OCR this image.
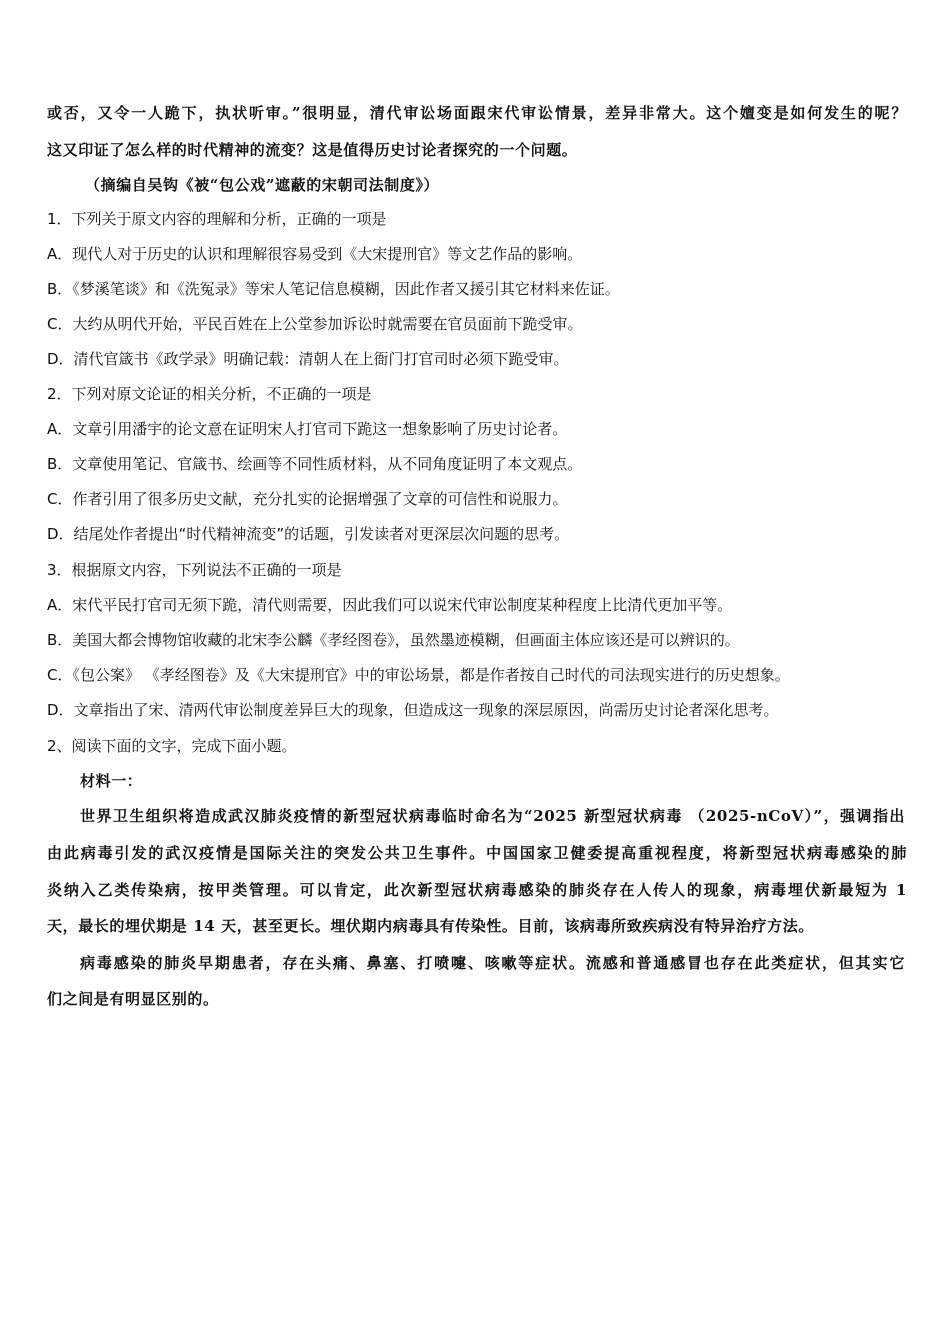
或否，又令一人跪下，执状听审。”很明显，清代审讼场面跟宋代审讼情景，差异非常大。这个嬗变是如何发生的呢？
这又印证了怎么样的时代精神的流变？这是值得历史讨论者探究的一个问题。
（摘编自吴钩《被“包公戏”遮蔽的宋朝司法制度》）
1．下列关于原文内容的理解和分析，正确的一项是
A．现代人对于历史的认识和理解很容易受到《大宋提刑官》等文艺作品的影响。
B．《梦溪笔谈》和《洗冤录》等宋人笔记信息模糊，因此作者又援引其它材料来佐证。
C．大约从明代开始，平民百姓在上公堂参加诉讼时就需要在官员面前下跪受审。
D．清代官箴书《政学录》明确记载：清朝人在上衙门打官司时必须下跪受审。
2．下列对原文论证的相关分析，不正确的一项是
A．文章引用潘宇的论文意在证明宋人打官司下跪这一想象影响了历史讨论者。
B．文章使用笔记、官箴书、绘画等不同性质材料，从不同角度证明了本文观点。
C．作者引用了很多历史文献，充分扎实的论据增强了文章的可信性和说服力。
D．结尾处作者提出“时代精神流变”的话题，引发读者对更深层次问题的思考。
3．根据原文内容，下列说法不正确的一项是
A．宋代平民打官司无须下跪，清代则需要，因此我们可以说宋代审讼制度某种程度上比清代更加平等。
B．美国大都会博物馆收藏的北宋李公麟《孝经图卷》，虽然墨迹模糊，但画面主体应该还是可以辨识的。
C．《包公案》 《孝经图卷》及《大宋提刑官》中的审讼场景，都是作者按自己时代的司法现实进行的历史想象。
D．文章指出了宋、清两代审讼制度差异巨大的现象，但造成这一现象的深层原因，尚需历史讨论者深化思考。
2、阅读下面的文字，完成下面小题。
材料一：
世界卫生组织将造成武汉肺炎疫情的新型冠状病毒临时命名为“2025 新型冠状病毒 （2025-nCoV）”，强调指出
由此病毒引发的武汉疫情是国际关注的突发公共卫生事件。中国国家卫健委提高重视程度，将新型冠状病毒感染的肺
炎纳入乙类传染病，按甲类管理。可以肯定，此次新型冠状病毒感染的肺炎存在人传人的现象，病毒埋伏新最短为 1
天，最长的埋伏期是 14 天，甚至更长。埋伏期内病毒具有传染性。目前，该病毒所致疾病没有特异治疗方法。
病毒感染的肺炎早期患者，存在头痛、鼻塞、打喷嚏、咳嗽等症状。流感和普通感冒也存在此类症状，但其实它
们之间是有明显区别的。
